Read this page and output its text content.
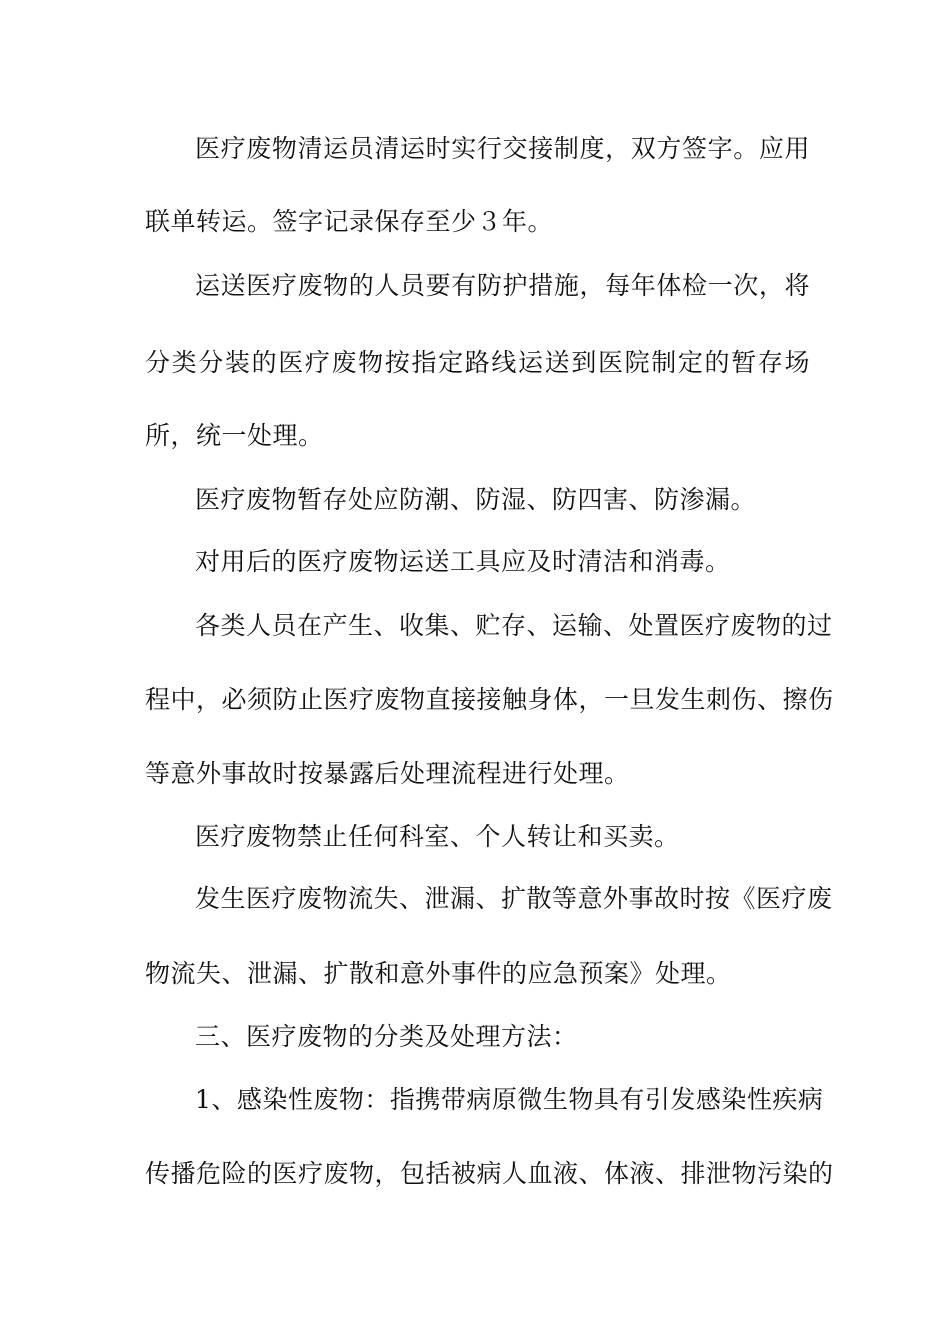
医疗废物清运员清运时实行交接制度，双方签字。应用
联单转运。签字记录保存至少３年。
运送医疗废物的人员要有防护措施，每年体检一次，将
分类分装的医疗废物按指定路线运送到医院制定的暂存场
所，统一处理。
医疗废物暂存处应防潮、防湿、防四害、防渗漏。
对用后的医疗废物运送工具应及时清洁和消毒。
各类人员在产生、收集、贮存、运输、处置医疗废物的过
程中，必须防止医疗废物直接接触身体，一旦发生刺伤、擦伤
等意外事故时按暴露后处理流程进行处理。
医疗废物禁止任何科室、个人转让和买卖。
发生医疗废物流失、泄漏、扩散等意外事故时按《医疗废
物流失、泄漏、扩散和意外事件的应急预案》处理。
三、医疗废物的分类及处理方法：
1、感染性废物：指携带病原微生物具有引发感染性疾病
传播危险的医疗废物，包括被病人血液、体液、排泄物污染的
